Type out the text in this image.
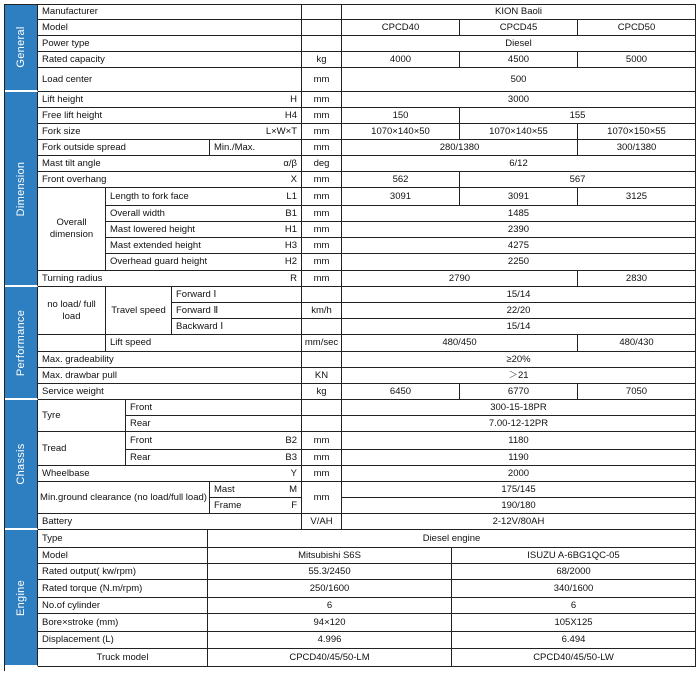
General
Dimension
Performance
Chassis
Engine
Manufacturer	KION Baoli
Model	CPCD40	CPCD45	CPCD50
Power type	Diesel
Rated capacity	kg	4000	4500	5000
Load center	mm	500
Lift height	H mm	3000
Free lift height	H4 mm	150	155
Fork size	L×W×T mm	1070×140×50	1070×140×55	1070×150×55
Fork outside spread	Min./Max.	mm	280/1380	300/1380
Mast tilt angle	α/β deg	6/12
Front overhang	X mm	562	567
Overall dimension
Length to fork face	L1 mm	3091	3091	3125
Overall width	B1 mm	1485
Mast lowered height	H1 mm	2390
Mast extended height	H3 mm	4275
Overhead guard height	H2 mm	2250
Turning radius	R mm	2790	2830
no load/ full load
Travel speed
Forward Ⅰ	15/14
Forward Ⅱ	km/h	22/20
Backward Ⅰ	15/14
Lift speed	mm/sec	480/450	480/430
Max. gradeability	≥20%
Max. drawbar pull	KN	＞21
Service weight	kg	6450	6770	7050
Tyre
Front	300-15-18PR
Rear	7.00-12-12PR
Tread
Front	B2 mm	1180
Rear	B3 mm	1190
Wheelbase	Y mm	2000
Min.ground clearance (no load/full load)	mm
Mast	M	175/145
Frame	F	190/180
Battery	V/AH	2-12V/80AH
Type	Diesel engine
Model	Mitsubishi S6S	ISUZU A-6BG1QC-05
Rated output( kw/rpm)	55.3/2450	68/2000
Rated torque (N.m/rpm)	250/1600	340/1600
No.of cylinder	6	6
Bore×stroke (mm)	94×120	105X125
Displacement (L)	4.996	6.494
Truck model	CPCD40/45/50-LM	CPCD40/45/50-LW
